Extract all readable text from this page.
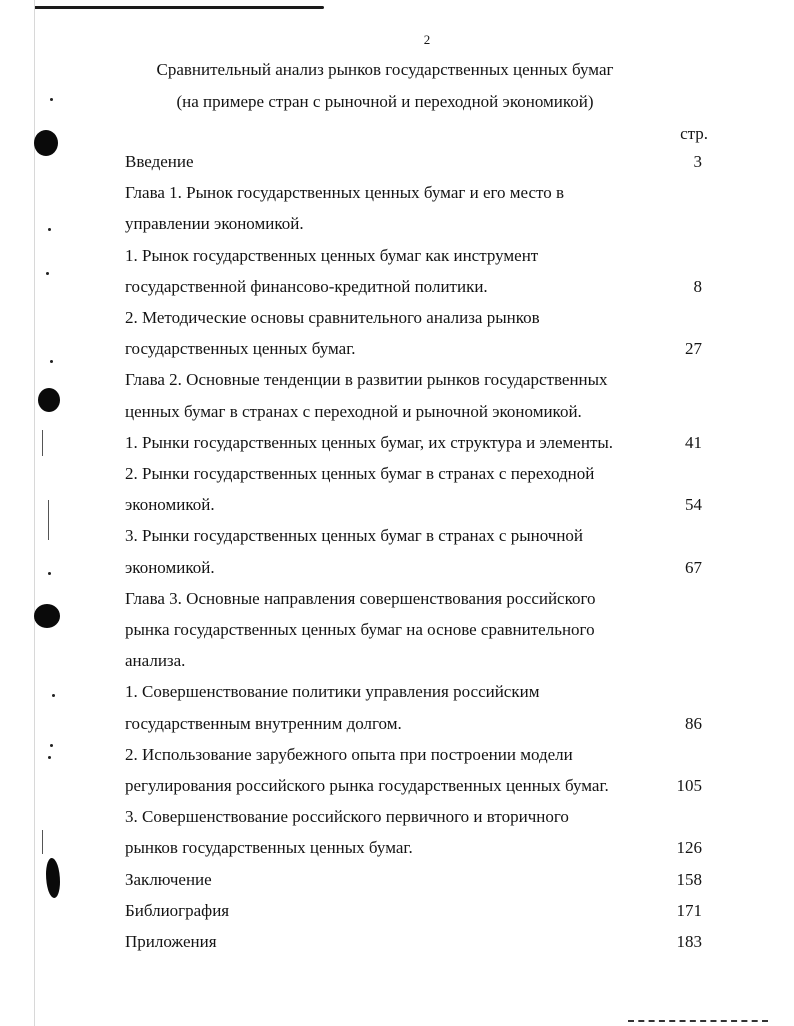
2
Сравнительный анализ рынков государственных ценных бумаг
(на примере стран с рыночной и переходной экономикой)
стр.
Введение	3
Глава 1. Рынок государственных ценных бумаг и его место в
управлении экономикой.
1. Рынок государственных ценных бумаг как инструмент
государственной финансово-кредитной политики.	8
2. Методические основы сравнительного анализа рынков
государственных ценных бумаг.	27
Глава 2. Основные тенденции в развитии рынков государственных
ценных бумаг в странах с переходной и рыночной экономикой.
1. Рынки государственных ценных бумаг, их структура и элементы.	41
2. Рынки государственных ценных бумаг в странах с переходной
экономикой.	54
3. Рынки государственных ценных бумаг в странах с рыночной
экономикой.	67
Глава 3. Основные направления совершенствования российского
рынка государственных ценных бумаг на основе сравнительного
анализа.
1. Совершенствование политики управления российским
государственным внутренним долгом.	86
2. Использование зарубежного опыта при построении модели
регулирования российского рынка государственных ценных бумаг.	105
3. Совершенствование российского первичного и вторичного
рынков государственных ценных бумаг.	126
Заключение	158
Библиография	171
Приложения	183
